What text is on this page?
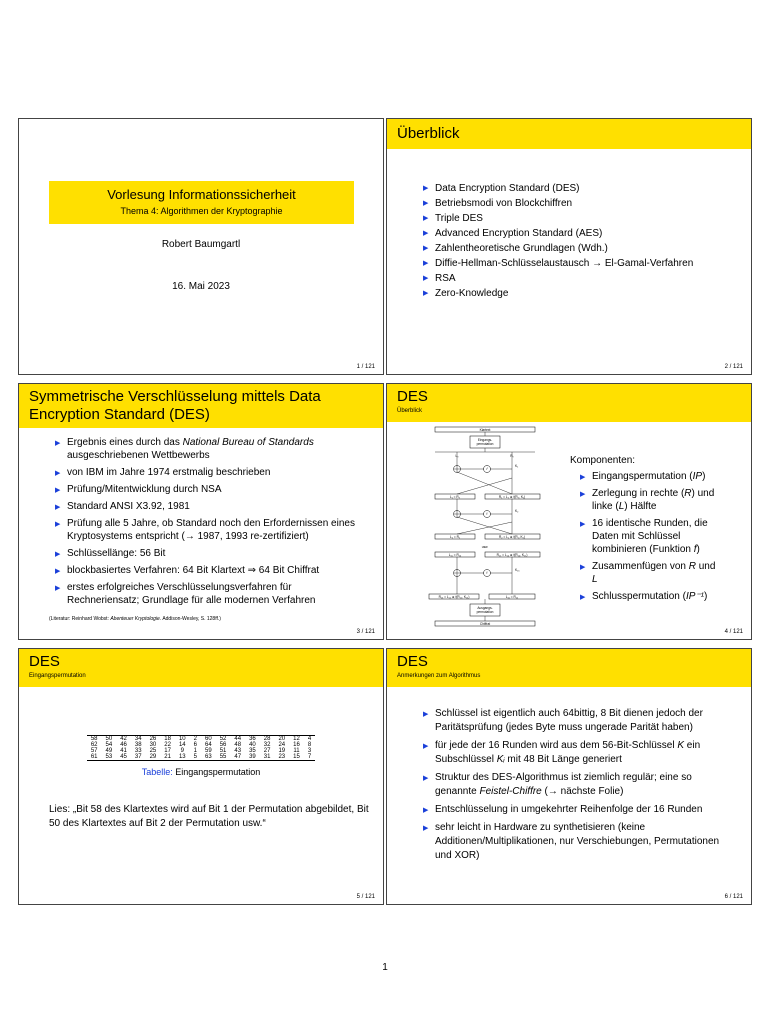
Vorlesung Informationssicherheit
Thema 4: Algorithmen der Kryptographie
Robert Baumgartl
16. Mai 2023
1 / 121
Überblick
▶ Data Encryption Standard (DES)
▶ Betriebsmodi von Blockchiffren
▶ Triple DES
▶ Advanced Encryption Standard (AES)
▶ Zahlentheoretische Grundlagen (Wdh.)
▶ Diffie-Hellman-Schlüsselaustausch → El-Gamal-Verfahren
▶ RSA
▶ Zero-Knowledge
2 / 121
Symmetrische Verschlüsselung mittels Data Encryption Standard (DES)
▶ Ergebnis eines durch das National Bureau of Standards ausgeschriebenen Wettbewerbs
▶ von IBM im Jahre 1974 erstmalig beschrieben
▶ Prüfung/Mitentwicklung durch NSA
▶ Standard ANSI X3.92, 1981
▶ Prüfung alle 5 Jahre, ob Standard noch den Erfordernissen eines Kryptosystems entspricht (→ 1987, 1993 re-zertifiziert)
▶ Schlüssellänge: 56 Bit
▶ blockbasiertes Verfahren: 64 Bit Klartext ⇒ 64 Bit Chiffrat
▶ erstes erfolgreiches Verschlüsselungsverfahren für Rechneriensatz; Grundlage für alle modernen Verfahren
(Literatur: Reinhard Wobst: Abenteuer Kryptologie. Addison-Wesley, S. 128ff.)
3 / 121
DES
Überblick
Klartext
Eingangs-
permutation
L₀	R₀
f
K₁
L₁ = R₀	R₁ = L₀ ⊕ f(R₀, K₁)
f
K₂
L₂ = R₁	R₂ = L₁ ⊕ f(R₁, K₂)
usw.
L₁₅ = R₁₄	R₁₅ = L₁₄ ⊕ f(R₁₄, K₁₅)
f
K₁₆
R₁₆ = L₁₅ ⊕ f(R₁₅, K₁₆)	L₁₆ = R₁₅
Ausgangs-
permutation
Chiffrat
Komponenten:
▶ Eingangspermutation (IP)
▶ Zerlegung in rechte (R) und linke (L) Hälfte
▶ 16 identische Runden, die Daten mit Schlüssel kombinieren (Funktion f)
▶ Zusammenfügen von R und L
▶ Schlusspermutation (IP⁻¹)
4 / 121
DES
Eingangspermutation
58	50	42	34	26	18	10	2	60	52	44	36	28	20	12	4
62	54	46	38	30	22	14	6	64	56	48	40	32	24	16	8
57	49	41	33	25	17	9	1	59	51	43	35	27	19	11	3
61	53	45	37	29	21	13	5	63	55	47	39	31	23	15	7
Tabelle: Eingangspermutation
Lies: „Bit 58 des Klartextes wird auf Bit 1 der Permutation abgebildet, Bit 50 des Klartextes auf Bit 2 der Permutation usw.“
5 / 121
DES
Anmerkungen zum Algorithmus
▶ Schlüssel ist eigentlich auch 64bittig, 8 Bit dienen jedoch der Paritätsprüfung (jedes Byte muss ungerade Parität haben)
▶ für jede der 16 Runden wird aus dem 56-Bit-Schlüssel K ein Subschlüssel Kᵢ mit 48 Bit Länge generiert
▶ Struktur des DES-Algorithmus ist ziemlich regulär; eine so genannte Feistel-Chiffre (→ nächste Folie)
▶ Entschlüsselung in umgekehrter Reihenfolge der 16 Runden
▶ sehr leicht in Hardware zu synthetisieren (keine Additionen/Multiplikationen, nur Verschiebungen, Permutationen und XOR)
6 / 121
1
